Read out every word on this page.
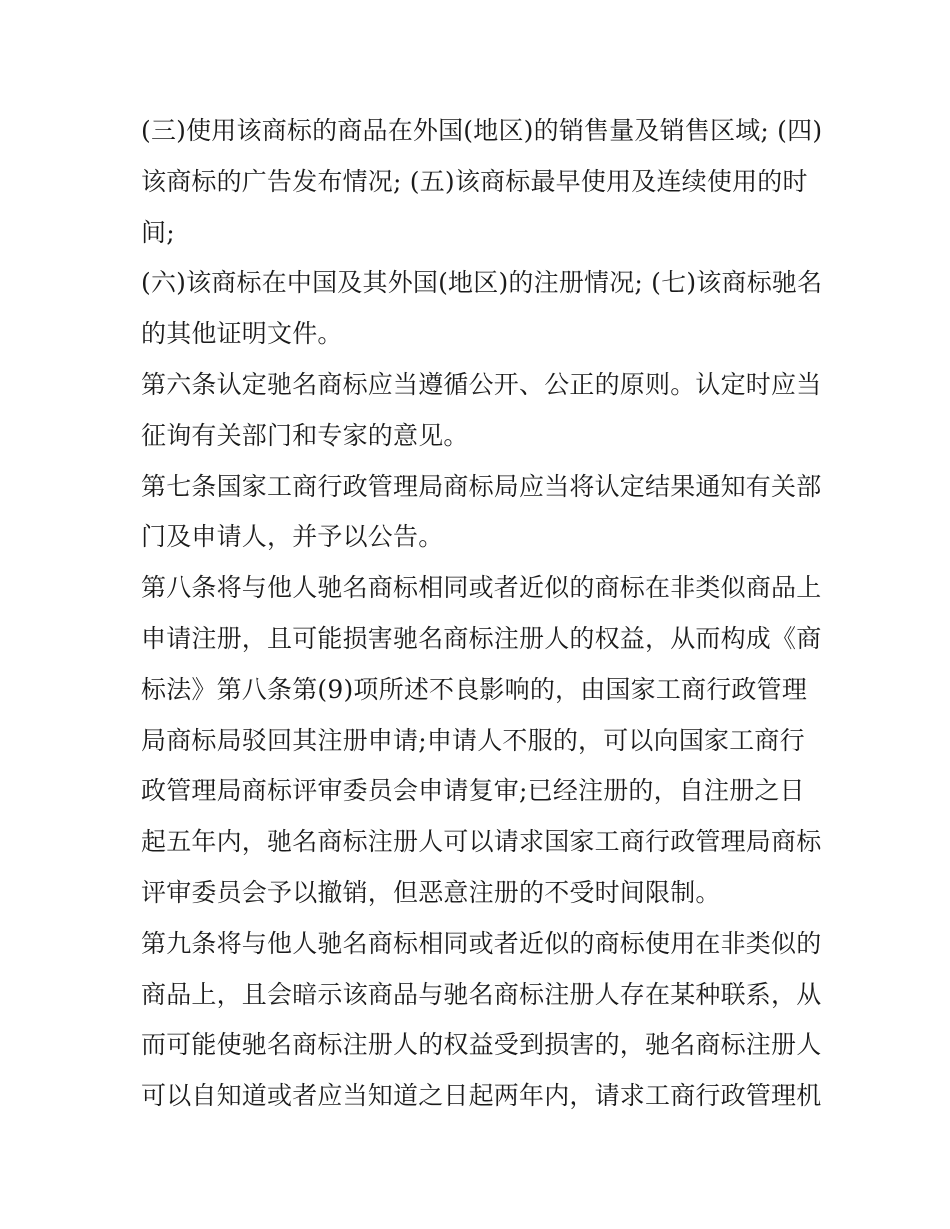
(三)使用该商标的商品在外国(地区)的销售量及销售区域; (四)
该商标的广告发布情况; (五)该商标最早使用及连续使用的时
间;
(六)该商标在中国及其外国(地区)的注册情况; (七)该商标驰名
的其他证明文件。
第六条认定驰名商标应当遵循公开、公正的原则。认定时应当
征询有关部门和专家的意见。
第七条国家工商行政管理局商标局应当将认定结果通知有关部
门及申请人，并予以公告。
第八条将与他人驰名商标相同或者近似的商标在非类似商品上
申请注册，且可能损害驰名商标注册人的权益，从而构成《商
标法》第八条第(9)项所述不良影响的，由国家工商行政管理
局商标局驳回其注册申请;申请人不服的，可以向国家工商行
政管理局商标评审委员会申请复审;已经注册的，自注册之日
起五年内，驰名商标注册人可以请求国家工商行政管理局商标
评审委员会予以撤销，但恶意注册的不受时间限制。
第九条将与他人驰名商标相同或者近似的商标使用在非类似的
商品上，且会暗示该商品与驰名商标注册人存在某种联系，从
而可能使驰名商标注册人的权益受到损害的，驰名商标注册人
可以自知道或者应当知道之日起两年内，请求工商行政管理机
